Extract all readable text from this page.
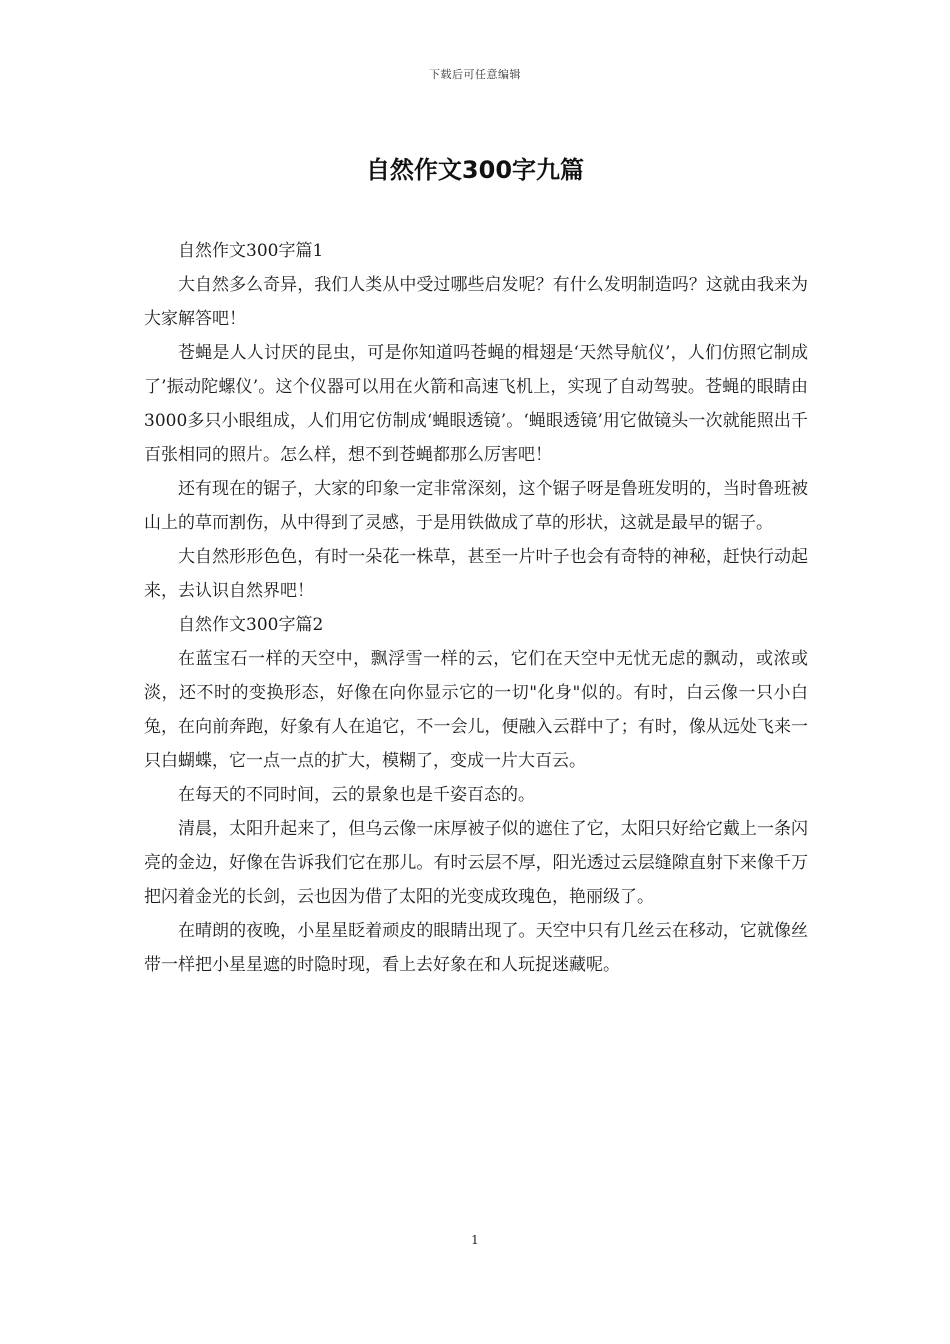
下载后可任意编辑
自然作文300字九篇

自然作文300字篇1

大自然多么奇异，我们人类从中受过哪些启发呢？有什么发明制造吗？这就由我来为大家解答吧！

苍蝇是人人讨厌的昆虫，可是你知道吗苍蝇的楫翅是‘天然导航仪’，人们仿照它制成了’振动陀螺仪’。这个仪器可以用在火箭和高速飞机上，实现了自动驾驶。苍蝇的眼睛由3000多只小眼组成，人们用它仿制成‘蝇眼透镜’。‘蝇眼透镜’用它做镜头一次就能照出千百张相同的照片。怎么样，想不到苍蝇都那么厉害吧！

还有现在的锯子，大家的印象一定非常深刻，这个锯子呀是鲁班发明的，当时鲁班被山上的草而割伤，从中得到了灵感，于是用铁做成了草的形状，这就是最早的锯子。

大自然形形色色，有时一朵花一株草，甚至一片叶子也会有奇特的神秘，赶快行动起来，去认识自然界吧！

自然作文300字篇2

在蓝宝石一样的天空中，飘浮雪一样的云，它们在天空中无忧无虑的飘动，或浓或淡，还不时的变换形态，好像在向你显示它的一切"化身"似的。有时，白云像一只小白兔，在向前奔跑，好象有人在追它，不一会儿，便融入云群中了；有时，像从远处飞来一只白蝴蝶，它一点一点的扩大，模糊了，变成一片大百云。

在每天的不同时间，云的景象也是千姿百态的。

清晨，太阳升起来了，但乌云像一床厚被子似的遮住了它，太阳只好给它戴上一条闪亮的金边，好像在告诉我们它在那儿。有时云层不厚，阳光透过云层缝隙直射下来像千万把闪着金光的长剑，云也因为借了太阳的光变成玫瑰色，艳丽级了。

在晴朗的夜晚，小星星眨着顽皮的眼睛出现了。天空中只有几丝云在移动，它就像丝带一样把小星星遮的时隐时现，看上去好象在和人玩捉迷藏呢。

1
